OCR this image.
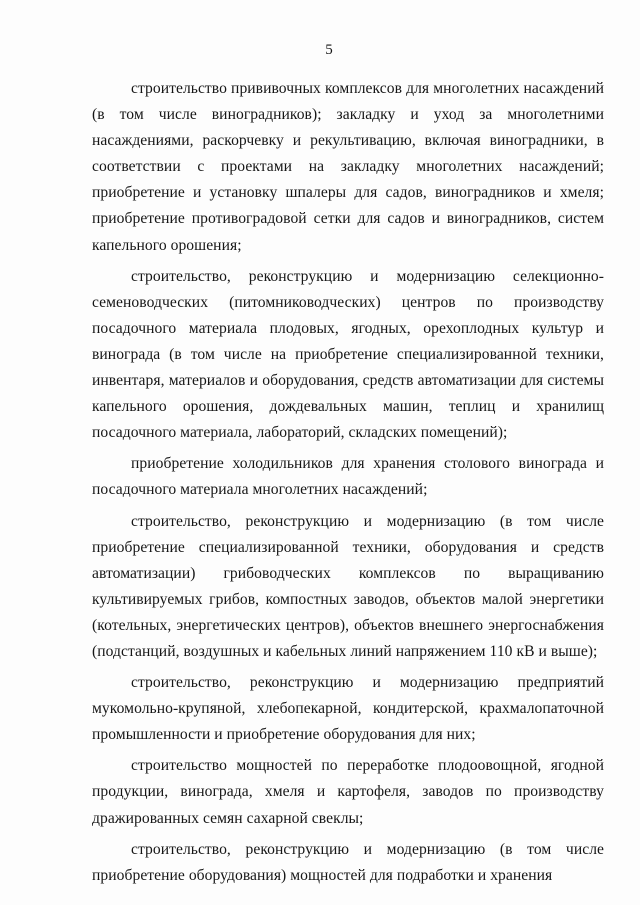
5

строительство прививочных комплексов для многолетних насаждений (в том числе виноградников); закладку и уход за многолетними насаждениями, раскорчевку и рекультивацию, включая виноградники, в соответствии с проектами на закладку многолетних насаждений; приобретение и установку шпалеры для садов, виноградников и хмеля; приобретение противоградовой сетки для садов и виноградников, систем капельного орошения;

строительство, реконструкцию и модернизацию селекционно-семеноводческих (питомниководческих) центров по производству посадочного материала плодовых, ягодных, орехоплодных культур и винограда (в том числе на приобретение специализированной техники, инвентаря, материалов и оборудования, средств автоматизации для системы капельного орошения, дождевальных машин, теплиц и хранилищ посадочного материала, лабораторий, складских помещений);

приобретение холодильников для хранения столового винограда и посадочного материала многолетних насаждений;

строительство, реконструкцию и модернизацию (в том числе приобретение специализированной техники, оборудования и средств автоматизации) грибоводческих комплексов по выращиванию культивируемых грибов, компостных заводов, объектов малой энергетики (котельных, энергетических центров), объектов внешнего энергоснабжения (подстанций, воздушных и кабельных линий напряжением 110 кВ и выше);

строительство, реконструкцию и модернизацию предприятий мукомольно-крупяной, хлебопекарной, кондитерской, крахмалопаточной промышленности и приобретение оборудования для них;

строительство мощностей по переработке плодоовощной, ягодной продукции, винограда, хмеля и картофеля, заводов по производству дражированных семян сахарной свеклы;

строительство, реконструкцию и модернизацию (в том числе приобретение оборудования) мощностей для подработки и хранения
